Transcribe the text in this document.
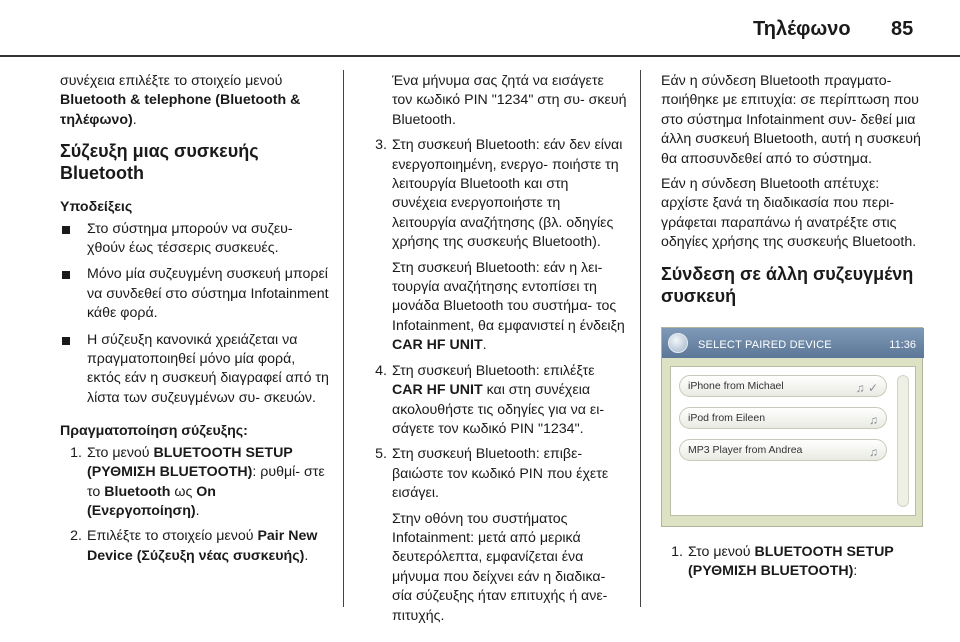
Τηλέφωνο 85

συνέχεια επιλέξτε το στοιχείο μενού Bluetooth & telephone (Bluetooth & τηλέφωνο).

Σύζευξη μιας συσκευής Bluetooth
Υποδείξεις
Στο σύστημα μπορούν να συζευ- χθούν έως τέσσερις συσκευές.
Μόνο μία συζευγμένη συσκευή μπορεί να συνδεθεί στο σύστημα Infotainment κάθε φορά.
Η σύζευξη κανονικά χρειάζεται να πραγματοποιηθεί μόνο μία φορά, εκτός εάν η συσκευή διαγραφεί από τη λίστα των συζευγμένων συ- σκευών.
Πραγματοποίηση σύζευξης:
1. Στο μενού BLUETOOTH SETUP (ΡΥΘΜΙΣΗ BLUETOOTH): ρυθμί- στε το Bluetooth ως On (Ενεργοποίηση).
2. Επιλέξτε το στοιχείο μενού Pair New Device (Σύζευξη νέας συσκευής).

Ένα μήνυμα σας ζητά να εισάγετε τον κωδικό PIN "1234" στη συ- σκευή Bluetooth.

3. Στη συσκευή Bluetooth: εάν δεν είναι ενεργοποιημένη, ενεργο- ποιήστε τη λειτουργία Bluetooth και στη συνέχεια ενεργοποιήστε τη λειτουργία αναζήτησης (βλ. οδηγίες χρήσης της συσκευής Bluetooth).
Στη συσκευή Bluetooth: εάν η λει- τουργία αναζήτησης εντοπίσει τη μονάδα Bluetooth του συστήμα- τος Infotainment, θα εμφανιστεί η ένδειξη CAR HF UNIT.
4. Στη συσκευή Bluetooth: επιλέξτε CAR HF UNIT και στη συνέχεια ακολουθήστε τις οδηγίες για να ει- σάγετε τον κωδικό PIN "1234".
5. Στη συσκευή Bluetooth: επιβε- βαιώστε τον κωδικό PIN που έχετε εισάγει.
Στην οθόνη του συστήματος Infotainment: μετά από μερικά δευτερόλεπτα, εμφανίζεται ένα μήνυμα που δείχνει εάν η διαδικα- σία σύζευξης ήταν επιτυχής ή ανε- πιτυχής.

Εάν η σύνδεση Bluetooth πραγματο- ποιήθηκε με επιτυχία: σε περίπτωση που στο σύστημα Infotainment συν- δεθεί μια άλλη συσκευή Bluetooth, αυτή η συσκευή θα αποσυνδεθεί από το σύστημα.

Εάν η σύνδεση Bluetooth απέτυχε: αρχίστε ξανά τη διαδικασία που περι- γράφεται παραπάνω ή ανατρέξτε στις οδηγίες χρήσης της συσκευής Bluetooth.

Σύνδεση σε άλλη συζευγμένη συσκευή
SELECT PAIRED DEVICE	11:36
iPhone from Michael	♫ ✓
iPod from Eileen	♫
MP3 Player from Andrea	♫
1. Στο μενού BLUETOOTH SETUP (ΡΥΘΜΙΣΗ BLUETOOTH):
